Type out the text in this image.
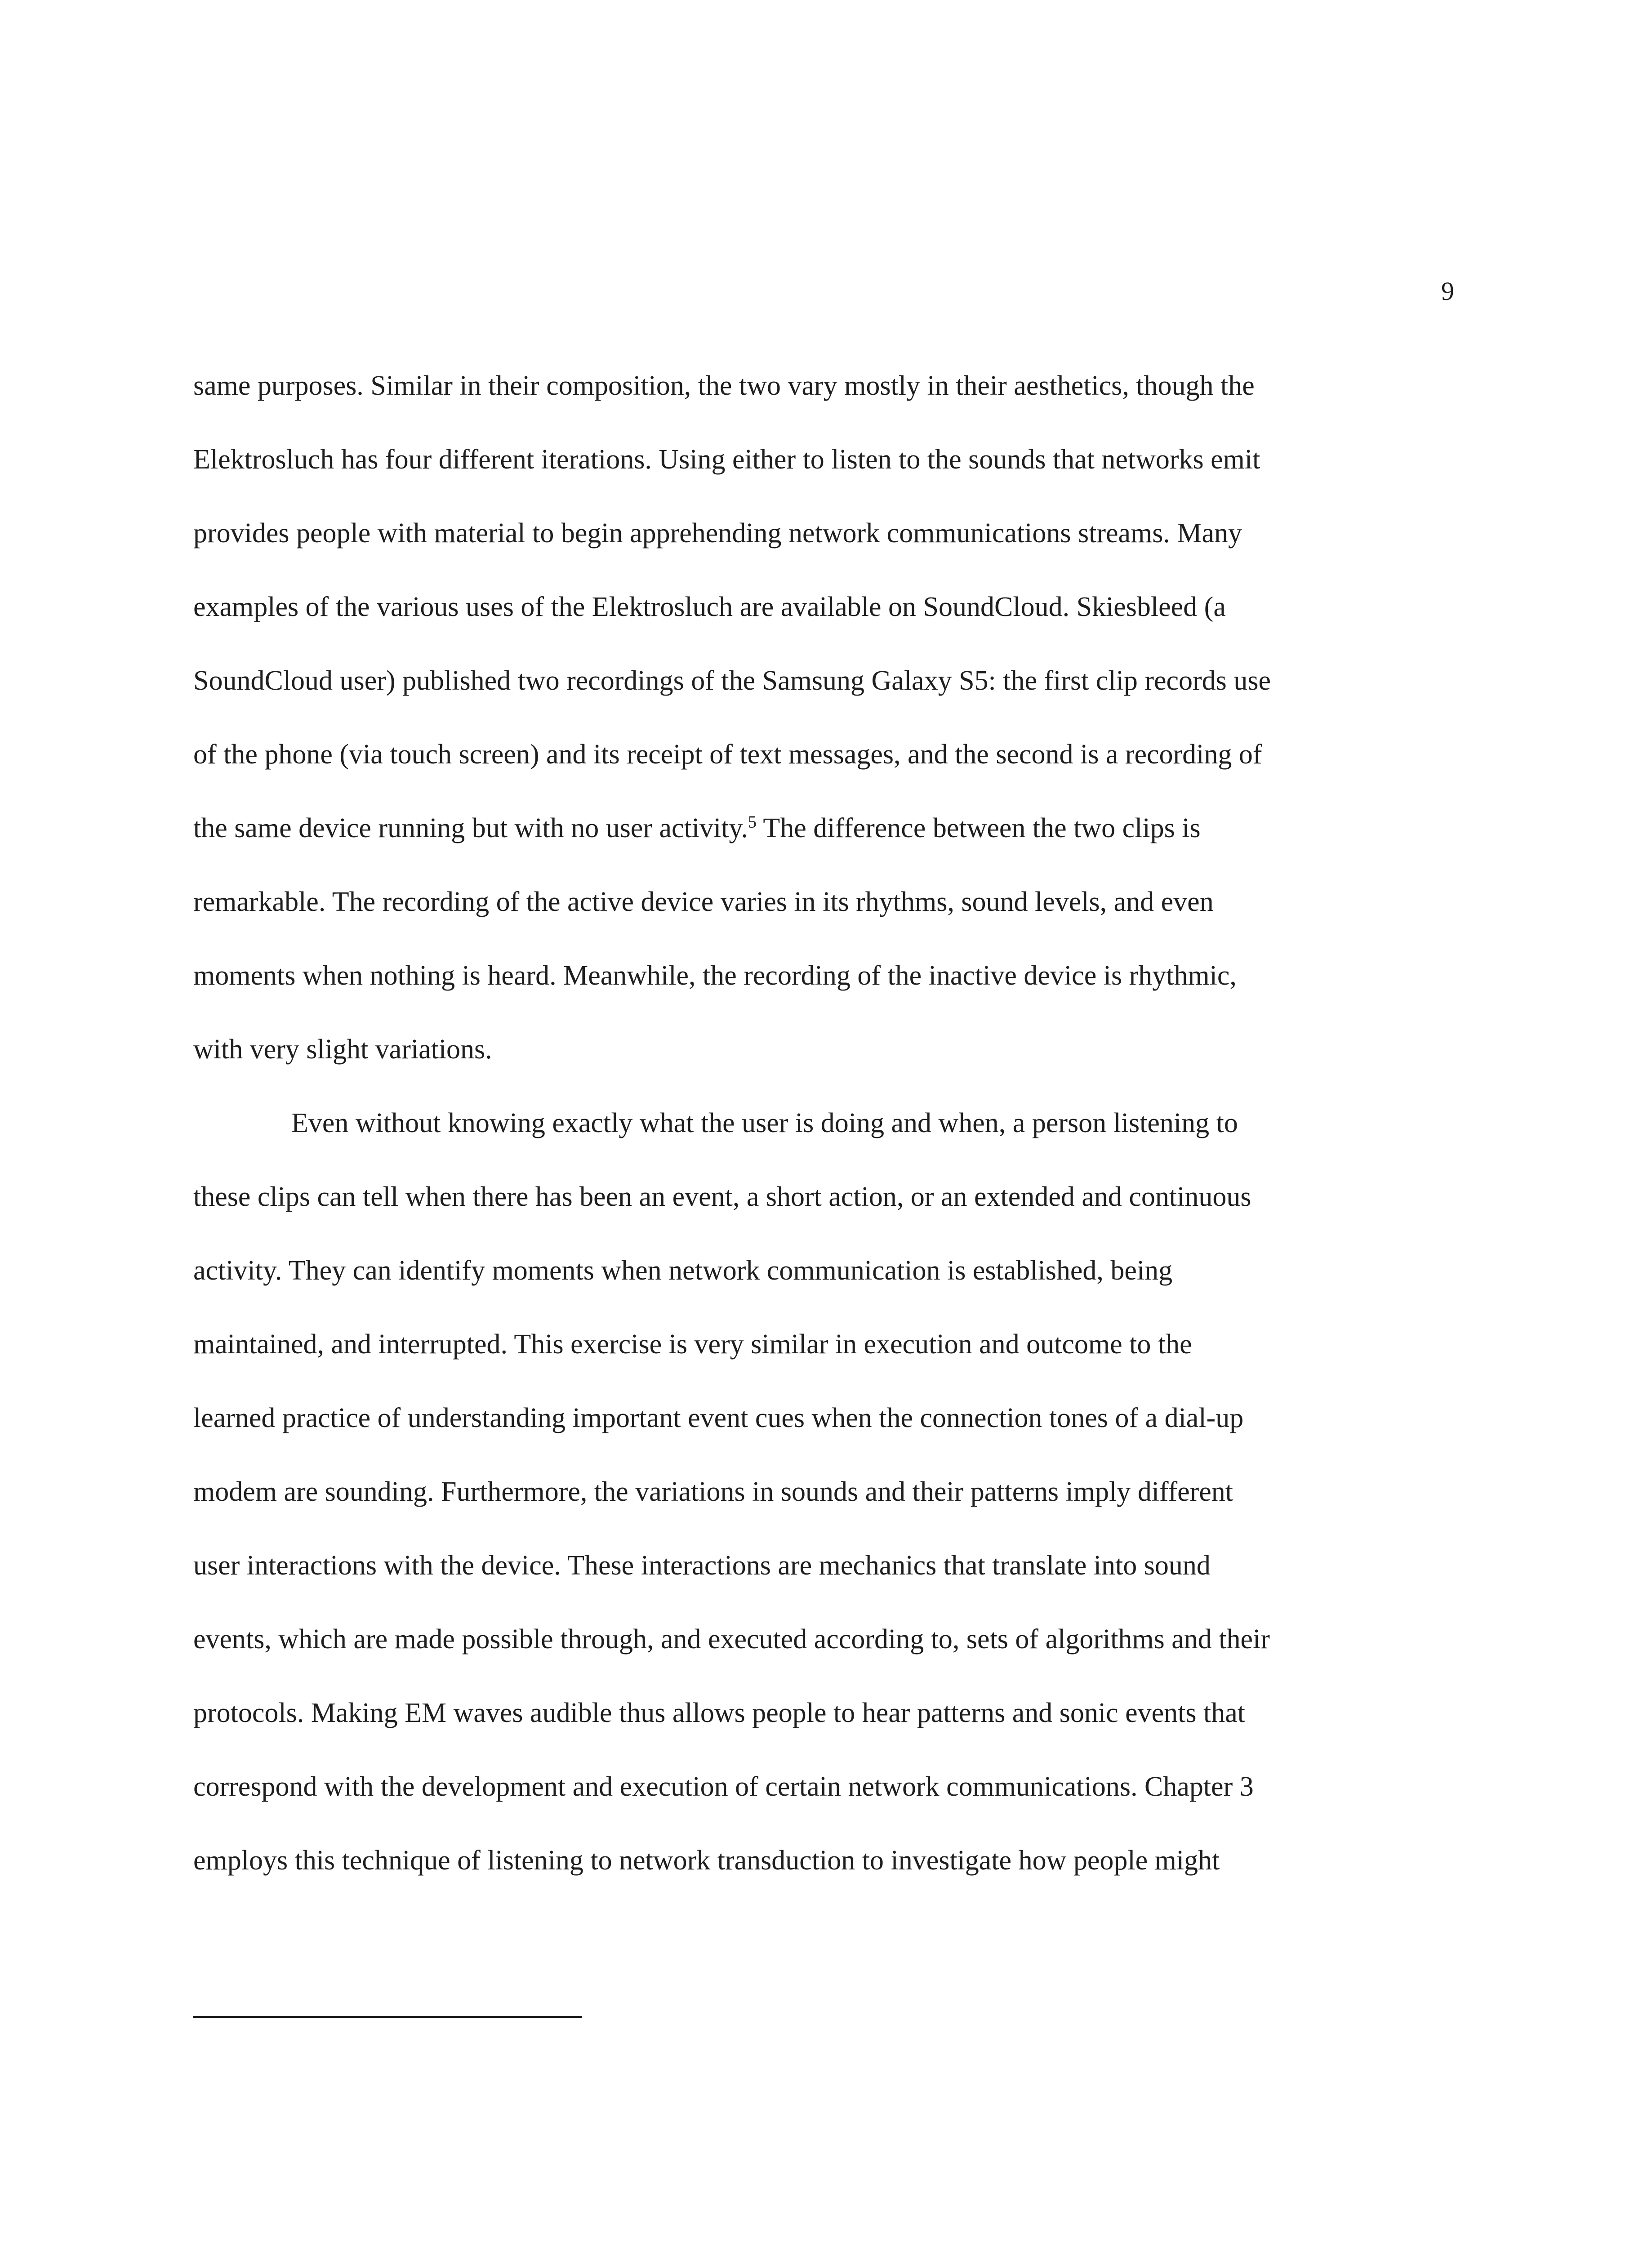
9
same purposes. Similar in their composition, the two vary mostly in their aesthetics, though the
Elektrosluch has four different iterations. Using either to listen to the sounds that networks emit
provides people with material to begin apprehending network communications streams. Many
examples of the various uses of the Elektrosluch are available on SoundCloud. Skiesbleed (a
SoundCloud user) published two recordings of the Samsung Galaxy S5: the first clip records use
of the phone (via touch screen) and its receipt of text messages, and the second is a recording of
the same device running but with no user activity.$^5$ The difference between the two clips is
remarkable. The recording of the active device varies in its rhythms, sound levels, and even
moments when nothing is heard. Meanwhile, the recording of the inactive device is rhythmic,
with very slight variations.
Even without knowing exactly what the user is doing and when, a person listening to
these clips can tell when there has been an event, a short action, or an extended and continuous
activity. They can identify moments when network communication is established, being
maintained, and interrupted. This exercise is very similar in execution and outcome to the
learned practice of understanding important event cues when the connection tones of a dial-up
modem are sounding. Furthermore, the variations in sounds and their patterns imply different
user interactions with the device. These interactions are mechanics that translate into sound
events, which are made possible through, and executed according to, sets of algorithms and their
protocols. Making EM waves audible thus allows people to hear patterns and sonic events that
correspond with the development and execution of certain network communications. Chapter 3
employs this technique of listening to network transduction to investigate how people might
